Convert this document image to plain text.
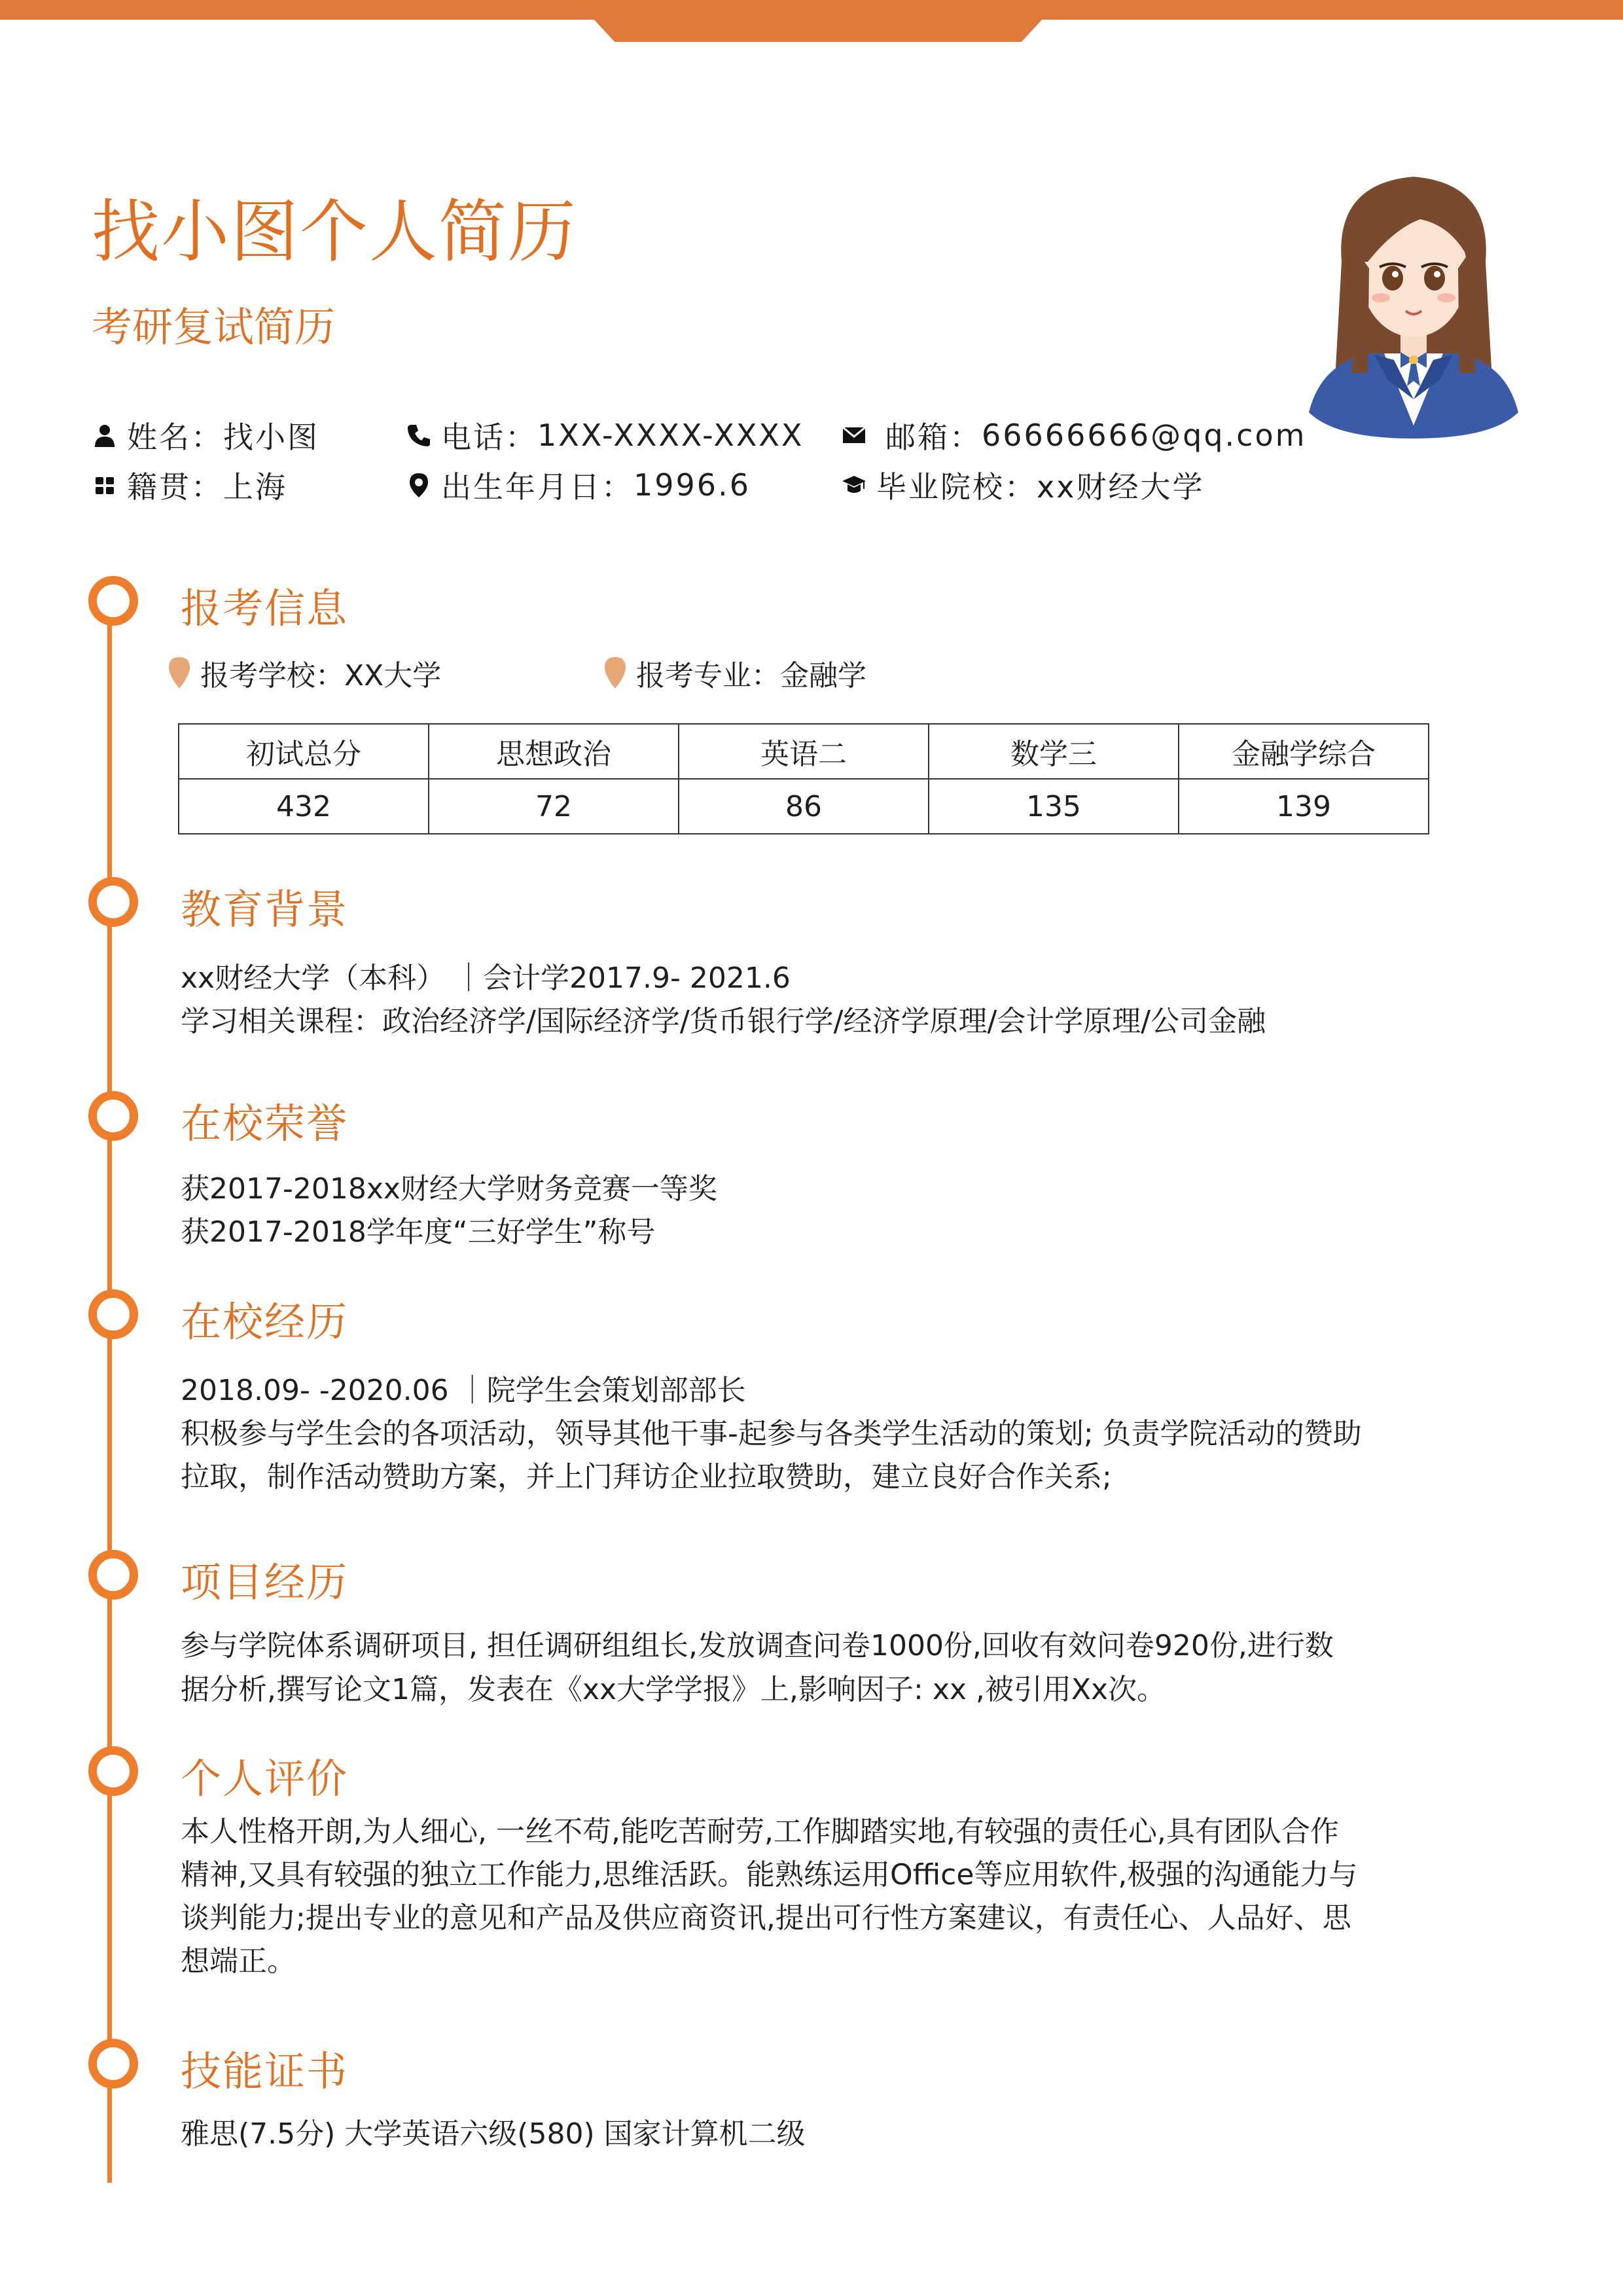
找小图个人简历
考研复试简历
姓名： 找小图	电话： 1XX-XXXX-XXXX	邮箱： 66666666@qq.com
籍贯： 上海	出生年月日： 1996.6	毕业院校： xx财经大学
报考信息
报考学校：XX大学	报考专业：金融学
初试总分	思想政治	英语二	数学三	金融学综合
432	72	86	135	139
教育背景
xx财经大学（本科） ｜会计学2017.9- 2021.6
学习相关课程：政治经济学/国际经济学/货币银行学/经济学原理/会计学原理/公司金融
在校荣誉
获2017-2018xx财经大学财务竞赛一等奖
获2017-2018学年度“三好学生”称号
在校经历
2018.09- -2020.06 ｜院学生会策划部部长
积极参与学生会的各项活动，领导其他干事-起参与各类学生活动的策划; 负责学院活动的赞助
拉取，制作活动赞助方案，并上门拜访企业拉取赞助，建立良好合作关系;
项目经历
参与学院体系调研项目, 担任调研组组长,发放调查问卷1000份,回收有效问卷920份,进行数
据分析,撰写论文1篇，发表在《xx大学学报》上,影响因子: xx ,被引用Xx次。
个人评价
本人性格开朗,为人细心, 一丝不苟,能吃苦耐劳,工作脚踏实地,有较强的责任心,具有团队合作
精神,又具有较强的独立工作能力,思维活跃。能熟练运用Office等应用软件,极强的沟通能力与
谈判能力;提出专业的意见和产品及供应商资讯,提出可行性方案建议，有责任心、人品好、思
想端正。
技能证书
雅思(7.5分) 大学英语六级(580) 国家计算机二级
